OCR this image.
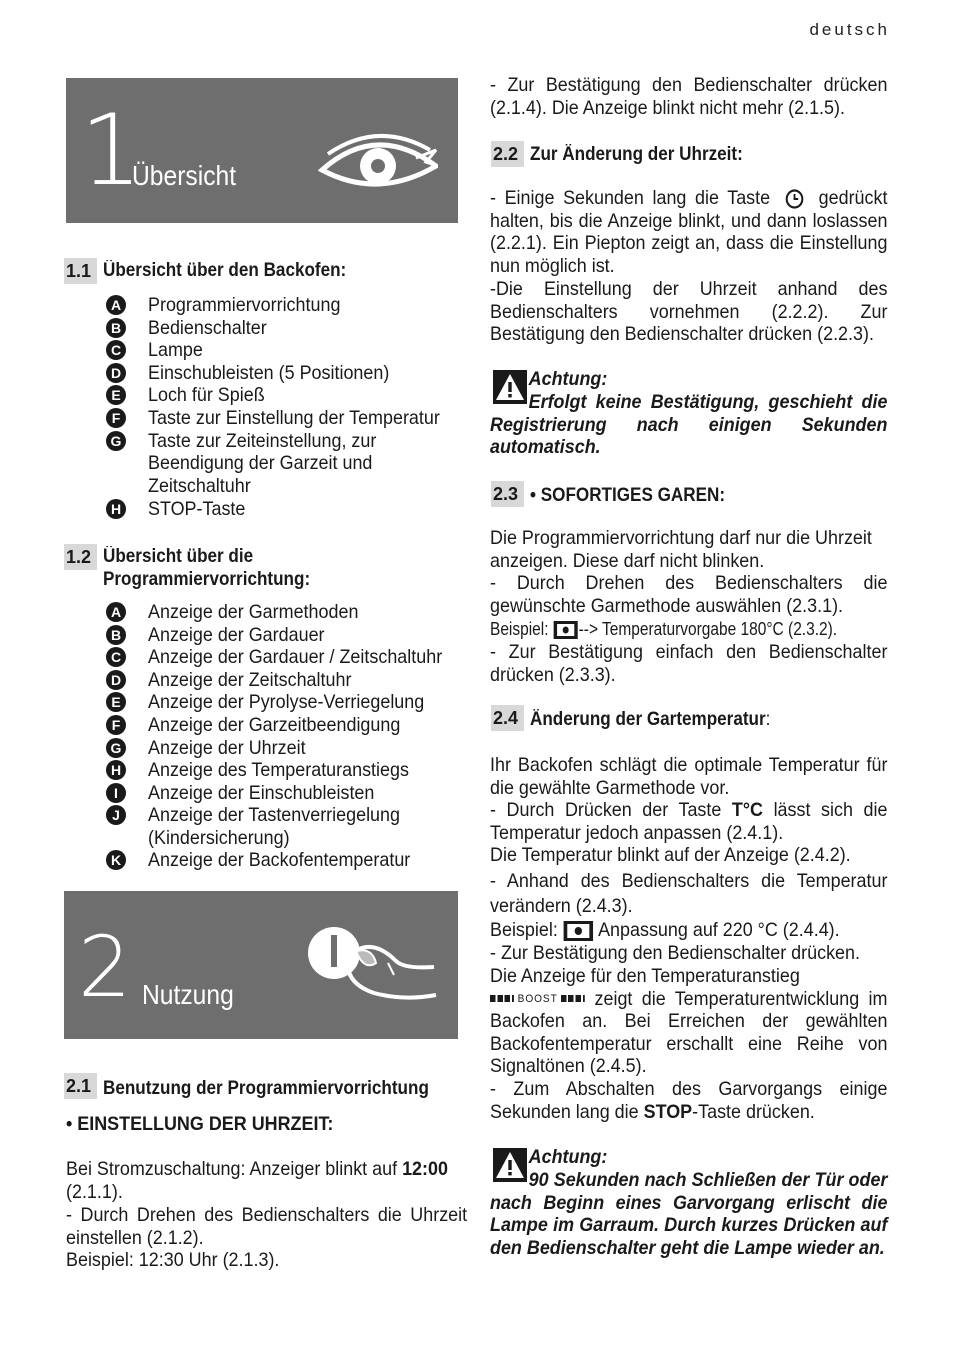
deutsch
1
Übersicht
1.1 Übersicht über den Backofen:
A Programmiervorrichtung
B Bedienschalter
C Lampe
D Einschubleisten (5 Positionen)
E Loch für Spieß
F Taste zur Einstellung der Temperatur
G Taste zur Zeiteinstellung, zur Beendigung der Garzeit und Zeitschaltuhr
H STOP-Taste
1.2 Übersicht über die
Programmiervorrichtung:
A Anzeige der Garmethoden
B Anzeige der Gardauer
C Anzeige der Gardauer / Zeitschaltuhr
D Anzeige der Zeitschaltuhr
E Anzeige der Pyrolyse-Verriegelung
F Anzeige der Garzeitbeendigung
G Anzeige der Uhrzeit
H Anzeige des Temperaturanstiegs
I	Anzeige der Einschubleisten
J	Anzeige der Tastenverriegelung (Kindersicherung)
K Anzeige der Backofentemperatur
2 Nutzung
2.1 Benutzung der Programmiervorrichtung
• EINSTELLUNG DER UHRZEIT:
Bei Stromzuschaltung: Anzeiger blinkt auf 12:00
(2.1.1).
- Durch Drehen des Bedienschalters die Uhrzeit einstellen (2.1.2).
Beispiel: 12:30 Uhr (2.1.3).
- Zur Bestätigung den Bedienschalter drücken (2.1.4). Die Anzeige blinkt nicht mehr (2.1.5).
2.2 Zur Änderung der Uhrzeit:
- Einige Sekunden lang die Taste gedrückt halten, bis die Anzeige blinkt, und dann loslassen (2.2.1). Ein Piepton zeigt an, dass die Einstellung nun möglich ist.
-Die Einstellung der Uhrzeit anhand des Bedienschalters vornehmen (2.2.2). Zur Bestätigung den Bedienschalter drücken (2.2.3).
Achtung:
Erfolgt keine Bestätigung, geschieht die Registrierung nach einigen Sekunden automatisch.
2.3 • SOFORTIGES GAREN:
Die Programmiervorrichtung darf nur die Uhrzeit anzeigen. Diese darf nicht blinken.
- Durch Drehen des Bedienschalters die gewünschte Garmethode auswählen (2.3.1).
Beispiel: --> Temperaturvorgabe 180°C (2.3.2).
- Zur Bestätigung einfach den Bedienschalter drücken (2.3.3).
2.4 Änderung der Gartemperatur:
Ihr Backofen schlägt die optimale Temperatur für die gewählte Garmethode vor.
- Durch Drücken der Taste T°C lässt sich die Temperatur jedoch anpassen (2.4.1).
Die Temperatur blinkt auf der Anzeige (2.4.2).
- Anhand des Bedienschalters die Temperatur verändern (2.4.3).
Beispiel: Anpassung auf 220 °C (2.4.4).
- Zur Bestätigung den Bedienschalter drücken.
Die Anzeige für den Temperaturanstieg
BOOST zeigt die Temperaturentwicklung im Backofen an. Bei Erreichen der gewählten Backofentemperatur erschallt eine Reihe von Signaltönen (2.4.5).
- Zum Abschalten des Garvorgangs einige Sekunden lang die STOP-Taste drücken.
Achtung:
90 Sekunden nach Schließen der Tür oder nach Beginn eines Garvorgang erlischt die Lampe im Garraum. Durch kurzes Drücken auf den Bedienschalter geht die Lampe wieder an.
